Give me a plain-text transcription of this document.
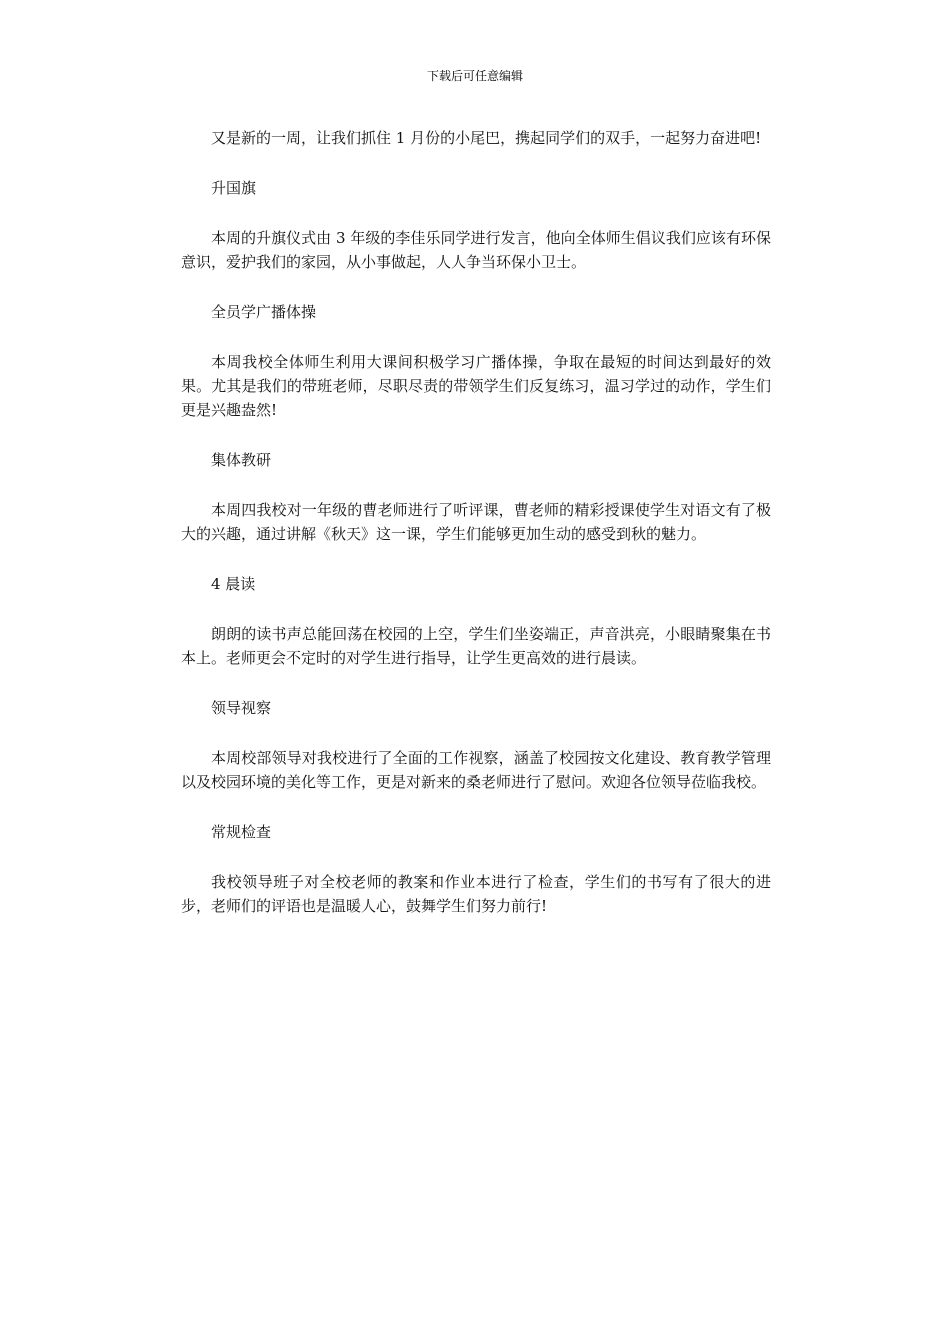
下载后可任意编辑

又是新的一周，让我们抓住 1 月份的小尾巴，携起同学们的双手，一起努力奋进吧!

升国旗

本周的升旗仪式由 3 年级的李佳乐同学进行发言，他向全体师生倡议我们应该有环保意识，爱护我们的家园，从小事做起，人人争当环保小卫士。

全员学广播体操

本周我校全体师生利用大课间积极学习广播体操，争取在最短的时间达到最好的效果。尤其是我们的带班老师，尽职尽责的带领学生们反复练习，温习学过的动作，学生们更是兴趣盎然!

集体教研

本周四我校对一年级的曹老师进行了听评课，曹老师的精彩授课使学生对语文有了极大的兴趣，通过讲解《秋天》这一课，学生们能够更加生动的感受到秋的魅力。

4 晨读

朗朗的读书声总能回荡在校园的上空，学生们坐姿端正，声音洪亮，小眼睛聚集在书本上。老师更会不定时的对学生进行指导，让学生更高效的进行晨读。

领导视察

本周校部领导对我校进行了全面的工作视察，涵盖了校园按文化建设、教育教学管理以及校园环境的美化等工作，更是对新来的桑老师进行了慰问。欢迎各位领导莅临我校。

常规检查

我校领导班子对全校老师的教案和作业本进行了检查，学生们的书写有了很大的进步，老师们的评语也是温暖人心，鼓舞学生们努力前行!
